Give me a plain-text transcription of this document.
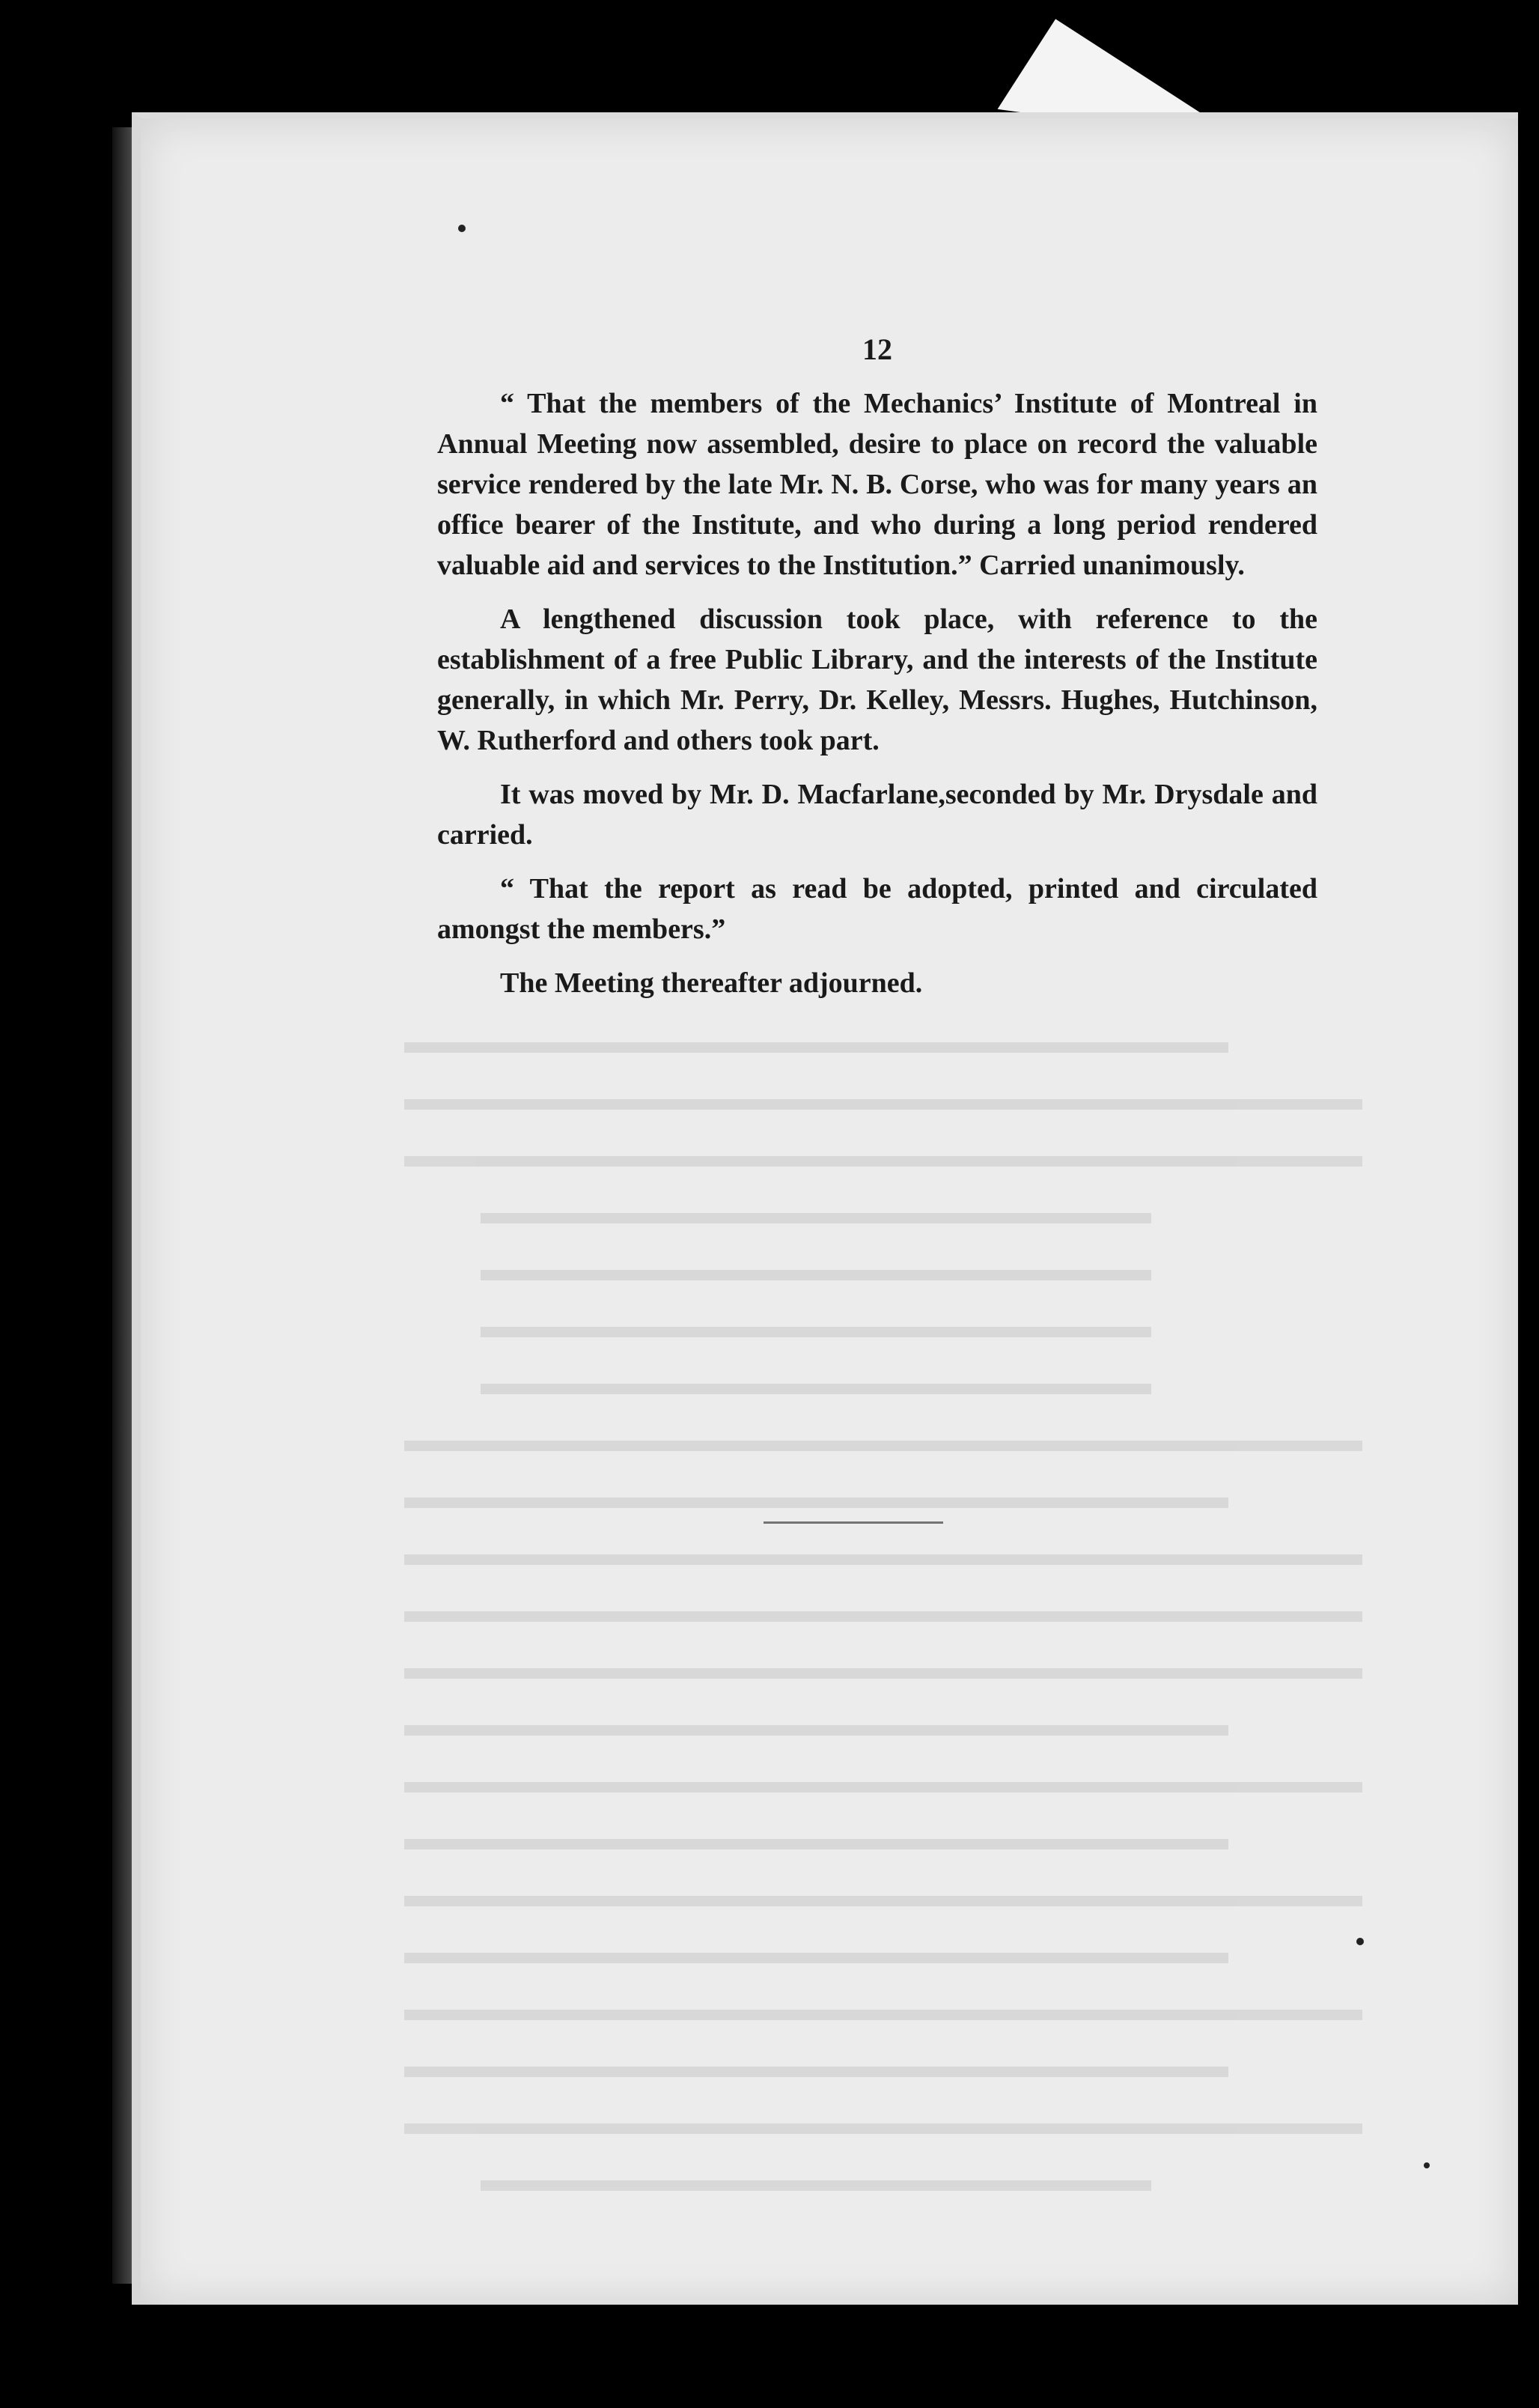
12

“ That the members of the Mechanics’ Institute of Montreal in Annual Meeting now assembled, desire to place on record the valuable service rendered by the late Mr. N. B. Corse, who was for many years an office bearer of the Institute, and who during a long period rendered valuable aid and services to the Institution.” Carried unanimously.

A lengthened discussion took place, with reference to the establishment of a free Public Library, and the interests of the Institute generally, in which Mr. Perry, Dr. Kelley, Messrs. Hughes, Hutchinson, W. Rutherford and others took part.

It was moved by Mr. D. Macfarlane,seconded by Mr. Drysdale and carried.

“ That the report as read be adopted, printed and circulated amongst the members.”

The Meeting thereafter adjourned.
